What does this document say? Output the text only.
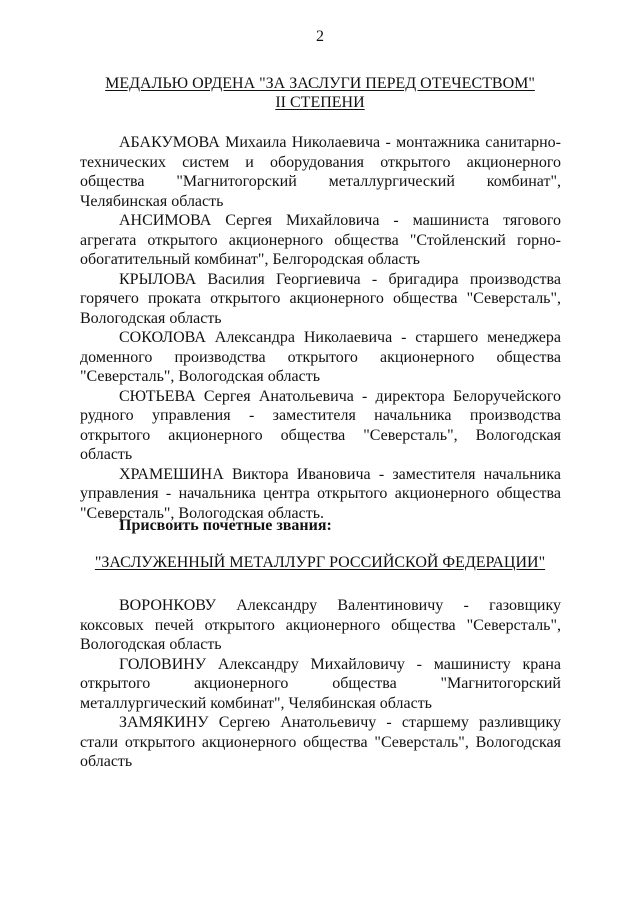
2
МЕДАЛЬЮ ОРДЕНА "ЗА ЗАСЛУГИ ПЕРЕД ОТЕЧЕСТВОМ"
II СТЕПЕНИ

АБАКУМОВА Михаила Николаевича - монтажника санитарно-технических систем и оборудования открытого акционерного общества "Магнитогорский металлургический комбинат", Челябинская область

АНСИМОВА Сергея Михайловича - машиниста тягового агрегата открытого акционерного общества "Стойленский горно-обогатительный комбинат", Белгородская область

КРЫЛОВА Василия Георгиевича - бригадира производства горячего проката открытого акционерного общества "Северсталь", Вологодская область

СОКОЛОВА Александра Николаевича - старшего менеджера доменного производства открытого акционерного общества "Северсталь", Вологодская область

СЮТЬЕВА Сергея Анатольевича - директора Белоручейского рудного управления - заместителя начальника производства открытого акционерного общества "Северсталь", Вологодская область

ХРАМЕШИНА Виктора Ивановича - заместителя начальника управления - начальника центра открытого акционерного общества "Северсталь", Вологодская область.

Присвоить почетные звания:
"ЗАСЛУЖЕННЫЙ МЕТАЛЛУРГ РОССИЙСКОЙ ФЕДЕРАЦИИ"

ВОРОНКОВУ Александру Валентиновичу - газовщику коксовых печей открытого акционерного общества "Северсталь", Вологодская область

ГОЛОВИНУ Александру Михайловичу - машинисту крана открытого акционерного общества "Магнитогорский металлургический комбинат", Челябинская область

ЗАМЯКИНУ Сергею Анатольевичу - старшему разливщику стали открытого акционерного общества "Северсталь", Вологодская область
